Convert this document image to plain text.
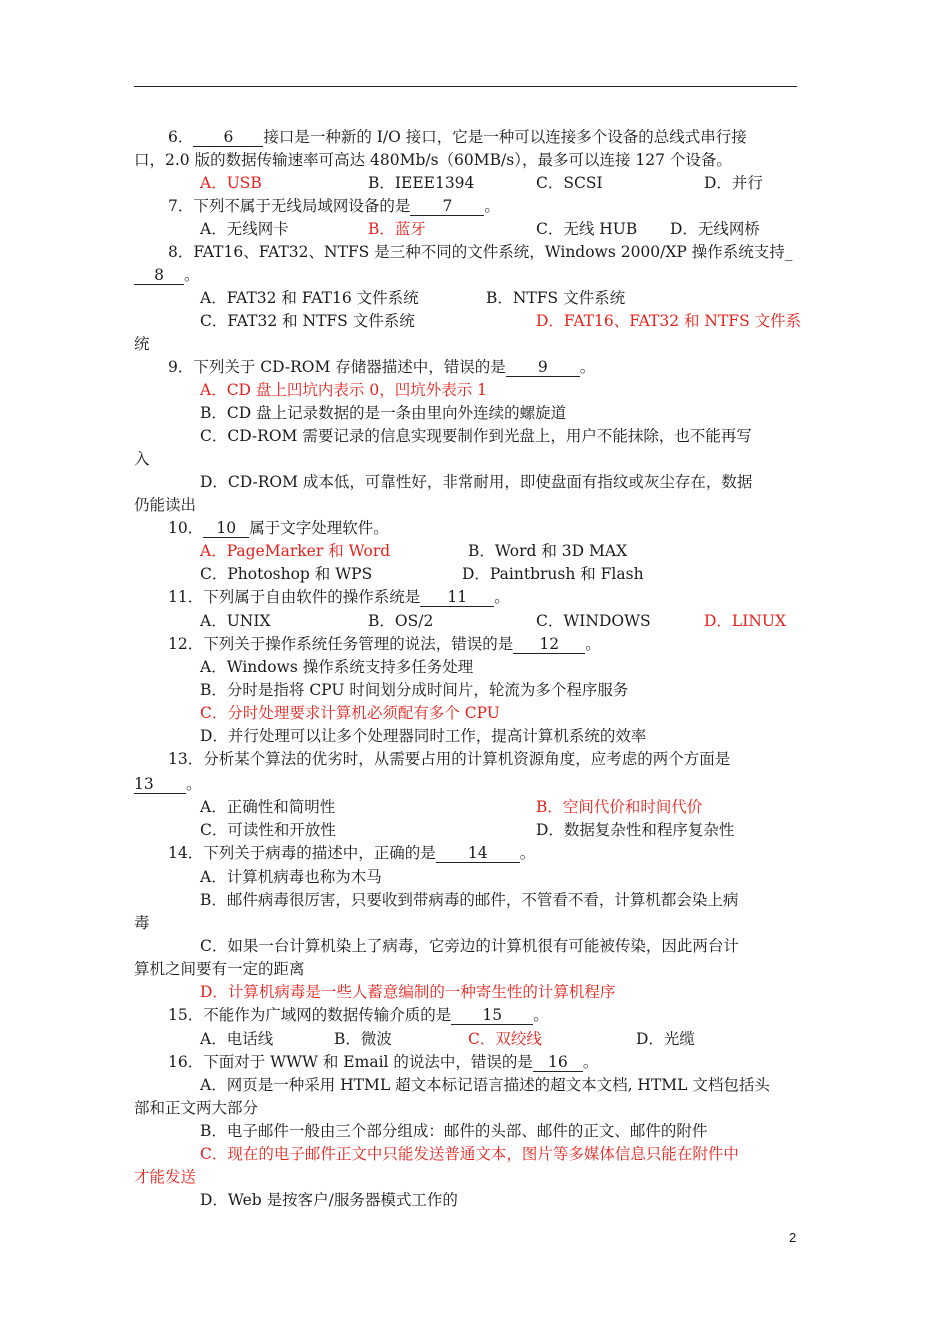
6． 6 接口是一种新的 I/O 接口，它是一种可以连接多个设备的总线式串行接
口，2.0 版的数据传输速率可高达 480Mb/s（60MB/s），最多可以连接 127 个设备。
A．USB	B．IEEE1394	C．SCSI	D．并行
7．下列不属于无线局域网设备的是 7 。
A．无线网卡	B．蓝牙	C．无线 HUB D．无线网桥
8．FAT16、FAT32、NTFS 是三种不同的文件系统，Windows 2000/XP 操作系统支持_
8 。
A．FAT32 和 FAT16 文件系统	B．NTFS 文件系统
C．FAT32 和 NTFS 文件系统	D．FAT16、FAT32 和 NTFS 文件系
统
9．下列关于 CD-ROM 存储器描述中，错误的是 9 。
A．CD 盘上凹坑内表示 0，凹坑外表示 1
B．CD 盘上记录数据的是一条由里向外连续的螺旋道
C．CD-ROM 需要记录的信息实现要制作到光盘上，用户不能抹除，也不能再写
入
D．CD-ROM 成本低，可靠性好，非常耐用，即使盘面有指纹或灰尘存在，数据
仍能读出
10． 10 属于文字处理软件。
A．PageMarker 和 Word	B．Word 和 3D MAX
C．Photoshop 和 WPS	D．Paintbrush 和 Flash
11．下列属于自由软件的操作系统是 11 。
A．UNIX	B．OS/2	C．WINDOWS	D．LINUX
12．下列关于操作系统任务管理的说法，错误的是 12 。
A．Windows 操作系统支持多任务处理
B．分时是指将 CPU 时间划分成时间片，轮流为多个程序服务
C．分时处理要求计算机必须配有多个 CPU
D．并行处理可以让多个处理器同时工作，提高计算机系统的效率
13．分析某个算法的优劣时，从需要占用的计算机资源角度，应考虑的两个方面是
13 。
A．正确性和简明性	B．空间代价和时间代价
C．可读性和开放性	D．数据复杂性和程序复杂性
14．下列关于病毒的描述中，正确的是 14 。
A．计算机病毒也称为木马
B．邮件病毒很厉害，只要收到带病毒的邮件，不管看不看，计算机都会染上病
毒
C．如果一台计算机染上了病毒，它旁边的计算机很有可能被传染，因此两台计
算机之间要有一定的距离
D．计算机病毒是一些人蓄意编制的一种寄生性的计算机程序
15．不能作为广域网的数据传输介质的是 15 。
A．电话线	B．微波	C．双绞线	D．光缆
16．下面对于 WWW 和 Email 的说法中，错误的是 16 。
A．网页是一种采用 HTML 超文本标记语言描述的超文本文档, HTML 文档包括头
部和正文两大部分
B．电子邮件一般由三个部分组成：邮件的头部、邮件的正文、邮件的附件
C．现在的电子邮件正文中只能发送普通文本，图片等多媒体信息只能在附件中
才能发送
D．Web 是按客户/服务器模式工作的
2
